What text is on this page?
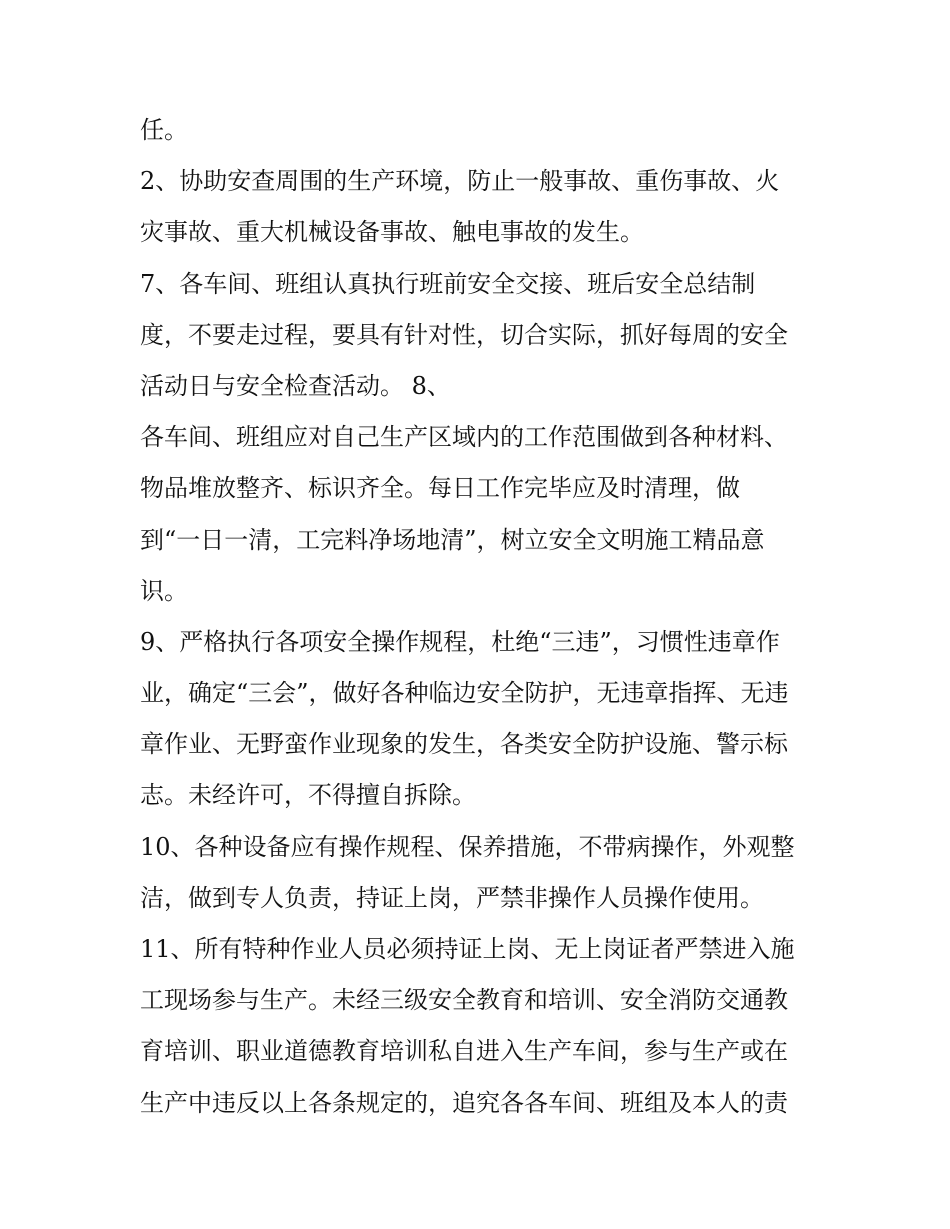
任。
2、协助安查周围的生产环境，防止一般事故、重伤事故、火
灾事故、重大机械设备事故、触电事故的发生。
7、各车间、班组认真执行班前安全交接、班后安全总结制
度，不要走过程，要具有针对性，切合实际，抓好每周的安全
活动日与安全检查活动。 8、
各车间、班组应对自己生产区域内的工作范围做到各种材料、
物品堆放整齐、标识齐全。每日工作完毕应及时清理，做
到“一日一清，工完料净场地清”，树立安全文明施工精品意
识。
9、严格执行各项安全操作规程，杜绝“三违”，习惯性违章作
业，确定“三会”，做好各种临边安全防护，无违章指挥、无违
章作业、无野蛮作业现象的发生，各类安全防护设施、警示标
志。未经许可，不得擅自拆除。
10、各种设备应有操作规程、保养措施，不带病操作，外观整
洁，做到专人负责，持证上岗，严禁非操作人员操作使用。
11、所有特种作业人员必须持证上岗、无上岗证者严禁进入施
工现场参与生产。未经三级安全教育和培训、安全消防交通教
育培训、职业道德教育培训私自进入生产车间，参与生产或在
生产中违反以上各条规定的，追究各各车间、班组及本人的责
